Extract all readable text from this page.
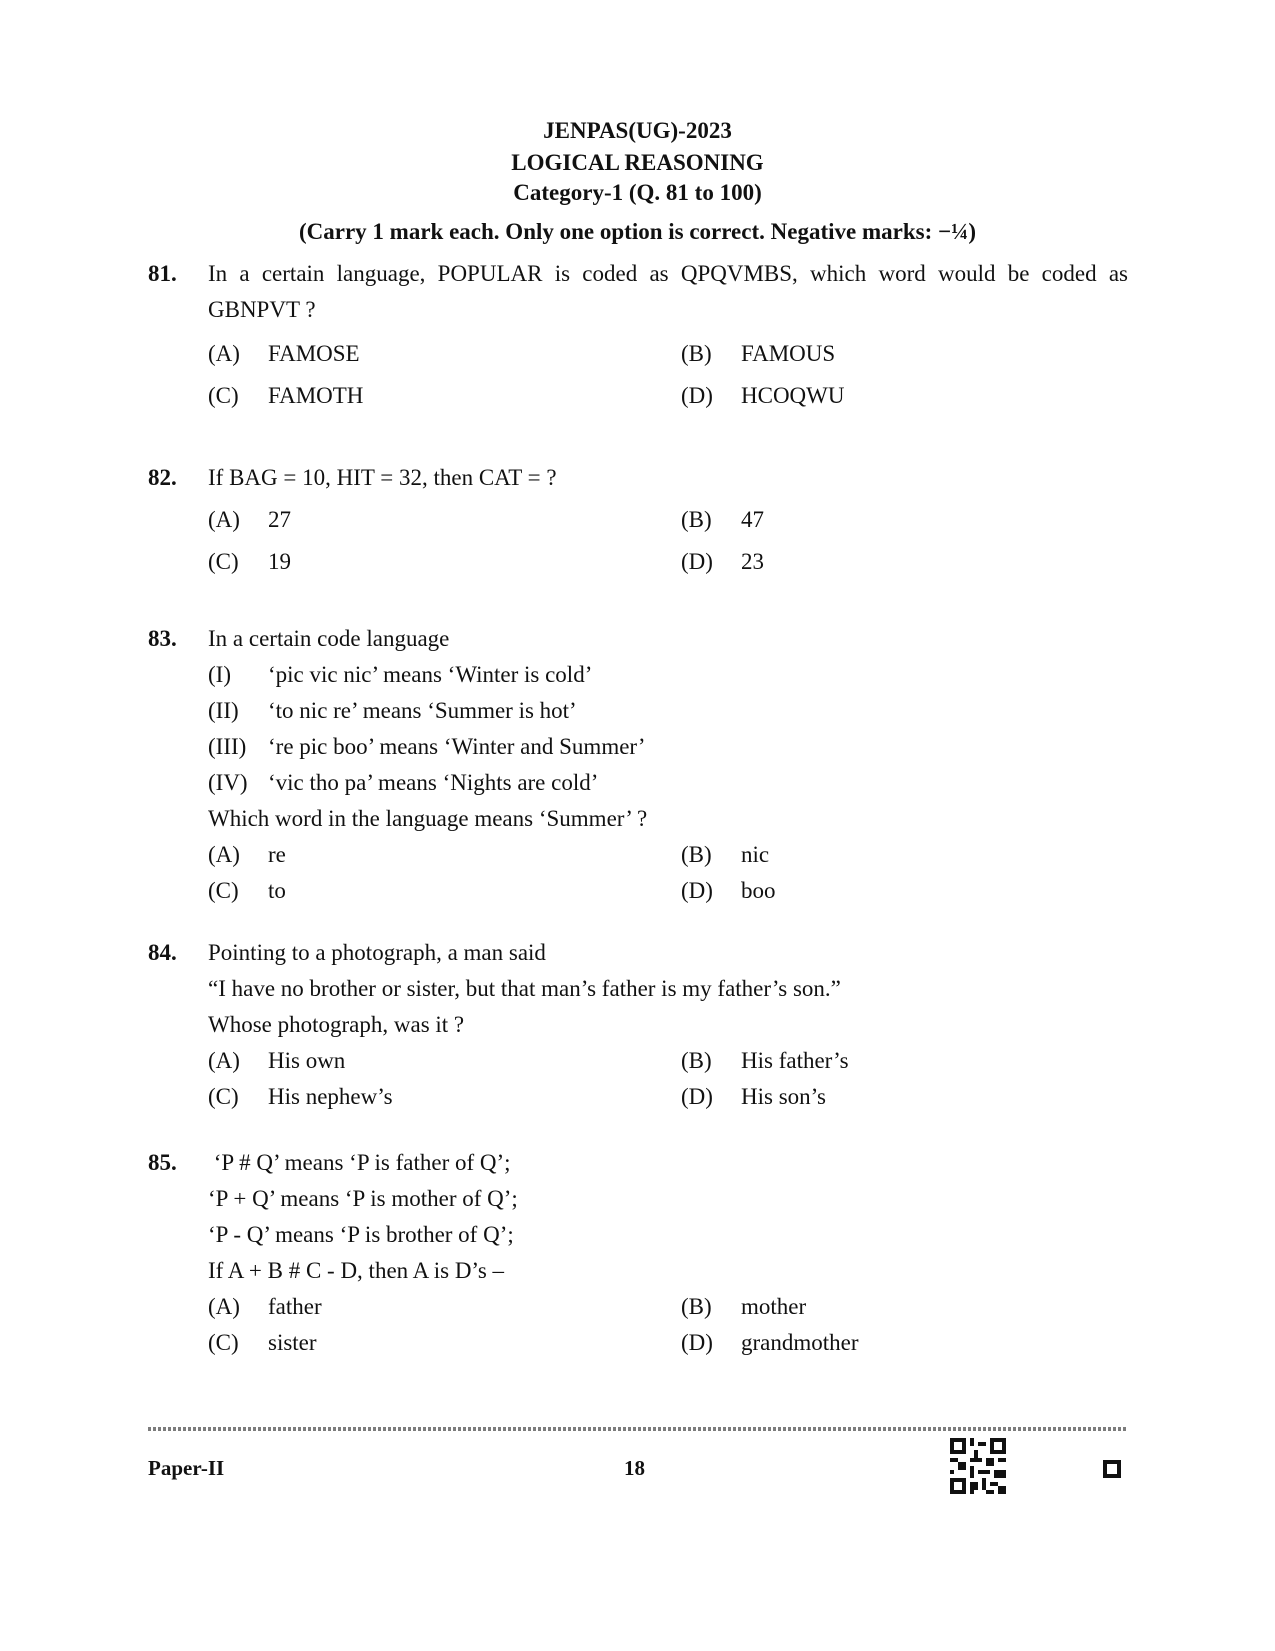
JENPAS(UG)-2023
LOGICAL REASONING
Category-1 (Q. 81 to 100)
(Carry 1 mark each. Only one option is correct. Negative marks: −¼)
81. In a certain language, POPULAR is coded as QPQVMBS, which word would be coded as GBNPVT ?
(A) FAMOSE	(B) FAMOUS
(C) FAMOTH	(D) HCOQWU
82. If BAG = 10, HIT = 32, then CAT = ?
(A) 27	(B) 47
(C) 19	(D) 23
83. In a certain code language
(I) ‘pic vic nic’ means ‘Winter is cold’
(II) ‘to nic re’ means ‘Summer is hot’
(III) ‘re pic boo’ means ‘Winter and Summer’
(IV) ‘vic tho pa’ means ‘Nights are cold’
Which word in the language means ‘Summer’ ?
(A) re	(B) nic
(C) to	(D) boo
84. Pointing to a photograph, a man said
“I have no brother or sister, but that man’s father is my father’s son.”
Whose photograph, was it ?
(A) His own	(B) His father’s
(C) His nephew’s	(D) His son’s
85. ‘P # Q’ means ‘P is father of Q’;
‘P + Q’ means ‘P is mother of Q’;
‘P - Q’ means ‘P is brother of Q’;
If A + B # C - D, then A is D’s –
(A) father	(B) mother
(C) sister	(D) grandmother
Paper-II	18
